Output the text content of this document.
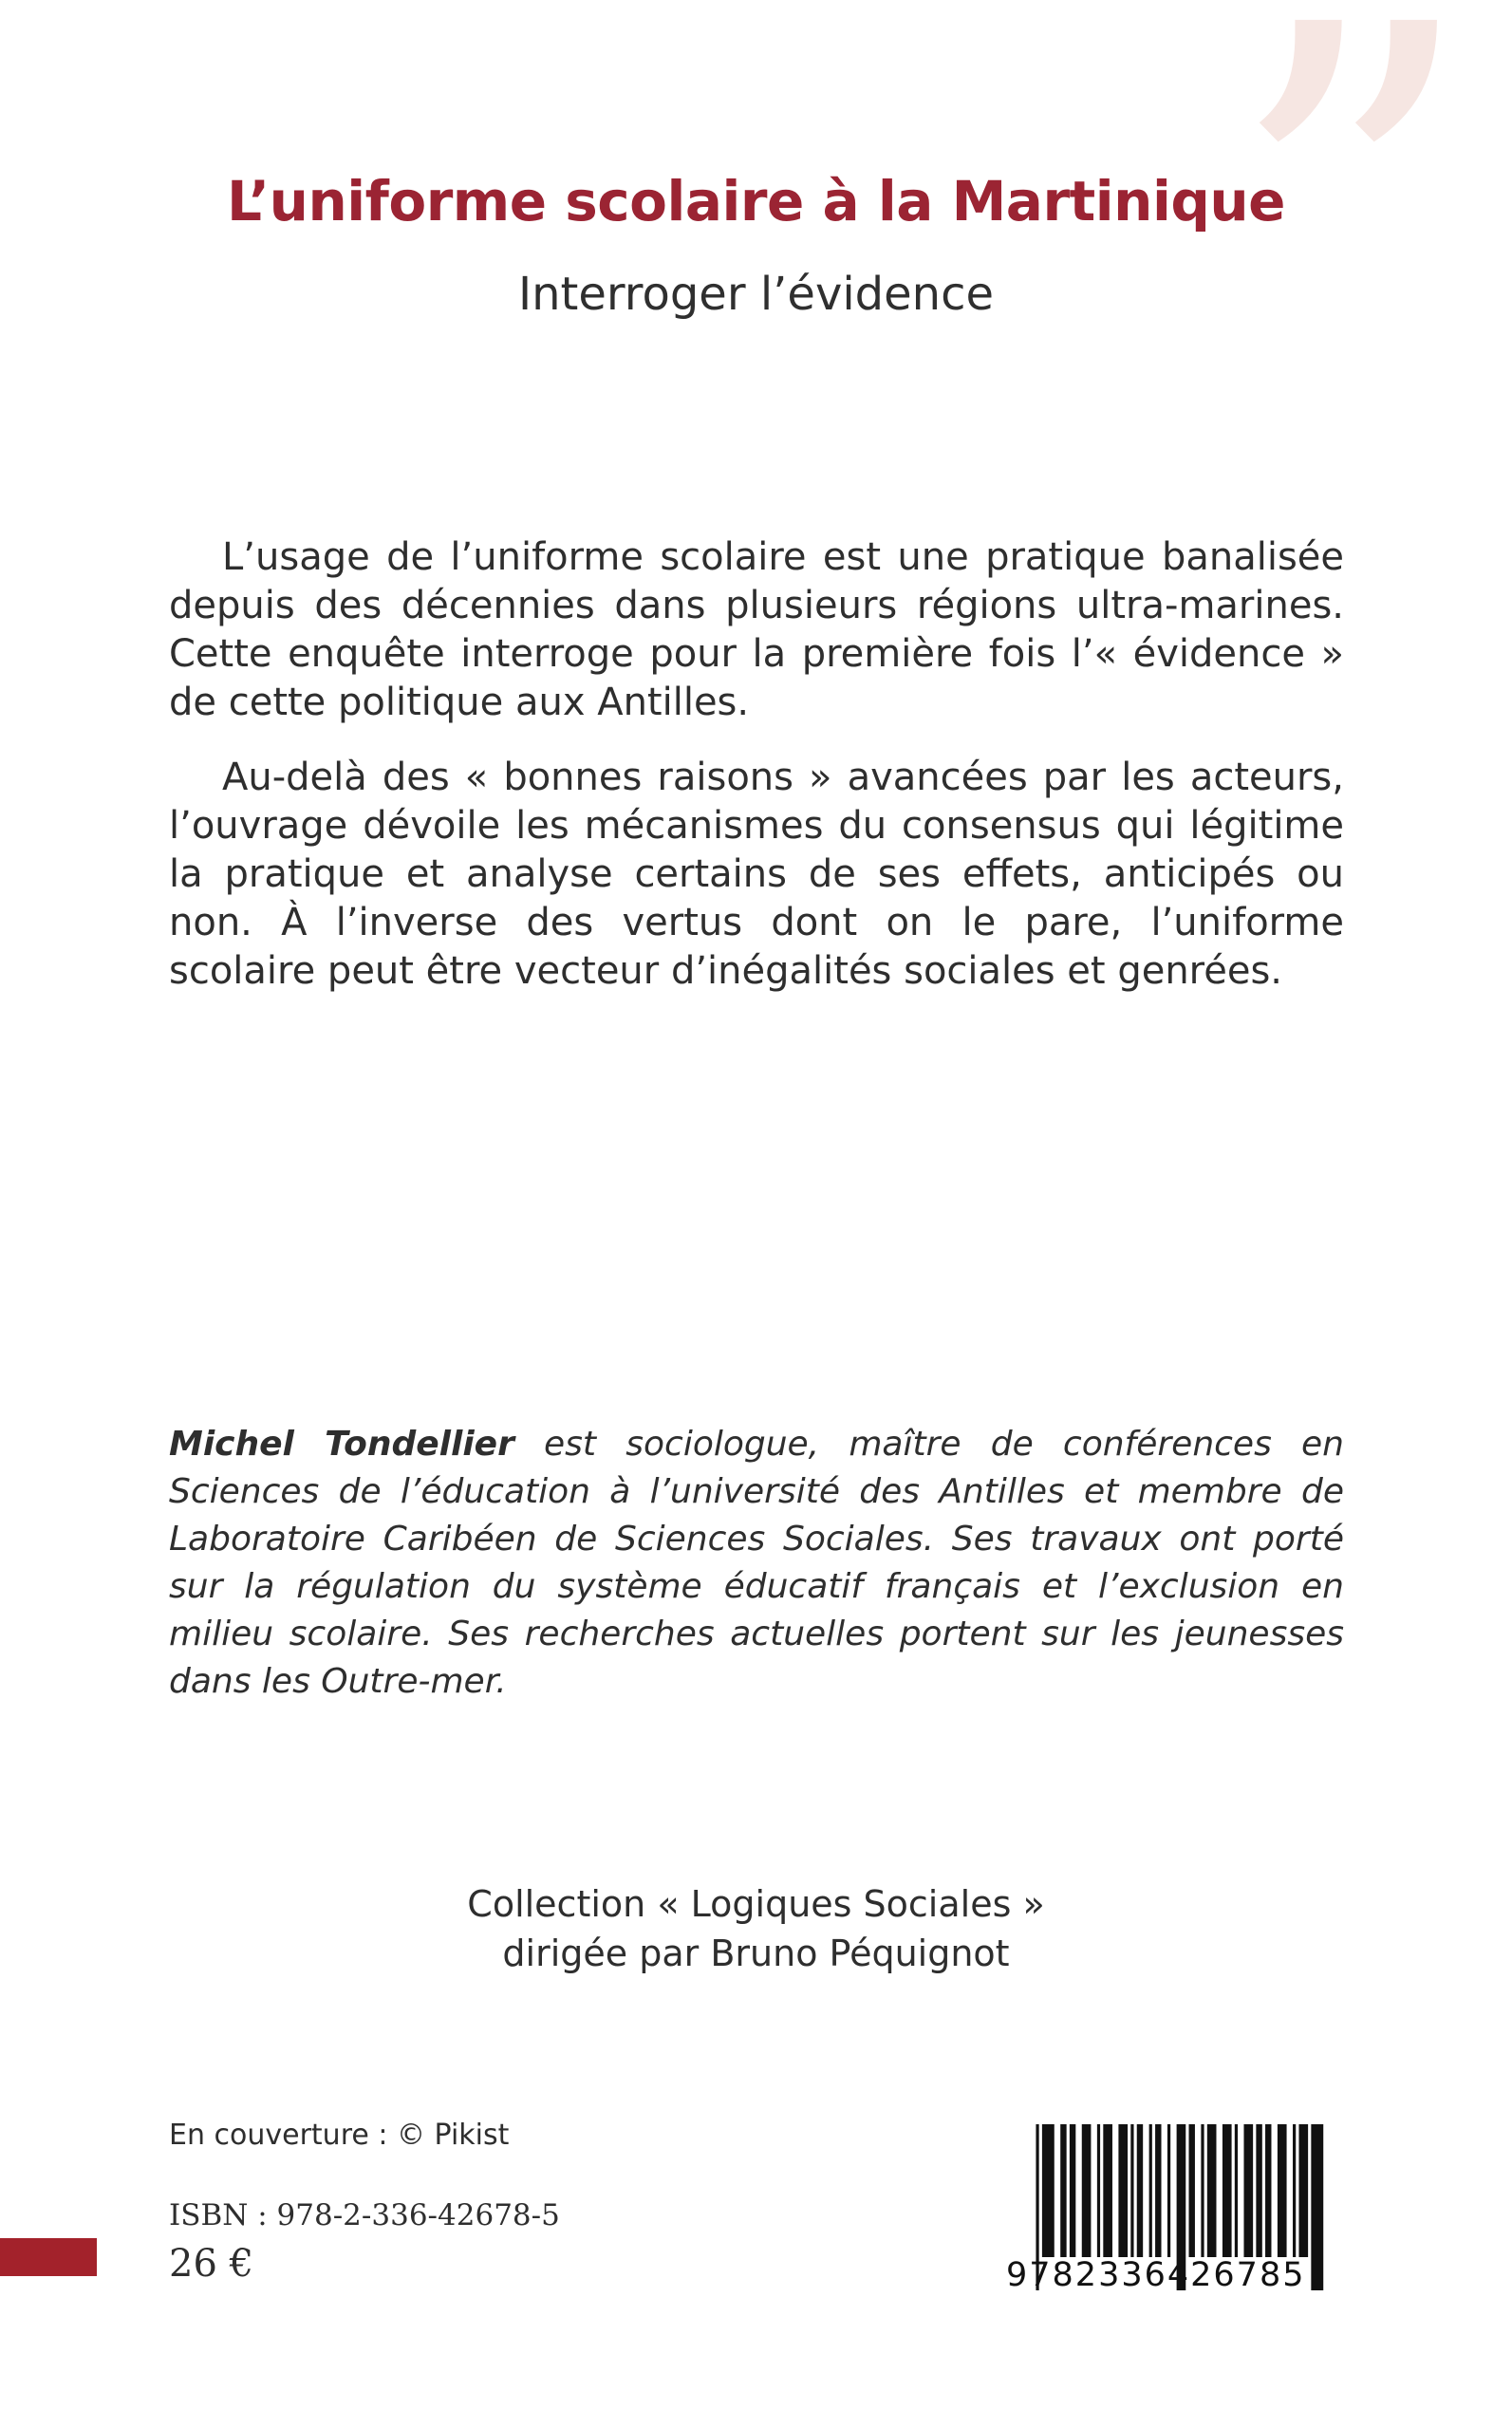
”
L’uniforme scolaire à la Martinique
Interroger l’évidence

L’usage de l’uniforme scolaire est une pratique banalisée depuis des décennies dans plusieurs régions ultra-marines. Cette enquête interroge pour la première fois l’« évidence » de cette politique aux Antilles.

Au-delà des « bonnes raisons » avancées par les acteurs, l’ouvrage dévoile les mécanismes du consensus qui légitime la pratique et analyse certains de ses effets, anticipés ou non. À l’inverse des vertus dont on le pare, l’uniforme scolaire peut être vecteur d’inégalités sociales et genrées.

Michel Tondellier est sociologue, maître de conférences en Sciences de l’éducation à l’université des Antilles et membre de Laboratoire Caribéen de Sciences Sociales. Ses travaux ont porté sur la régulation du système éducatif français et l’exclusion en milieu scolaire. Ses recherches actuelles portent sur les jeunesses dans les Outre-mer.
Collection « Logiques Sociales »
dirigée par Bruno Péquignot
En couverture : © Pikist
ISBN : 978-2-336-42678-5
26 €	9782336426785
